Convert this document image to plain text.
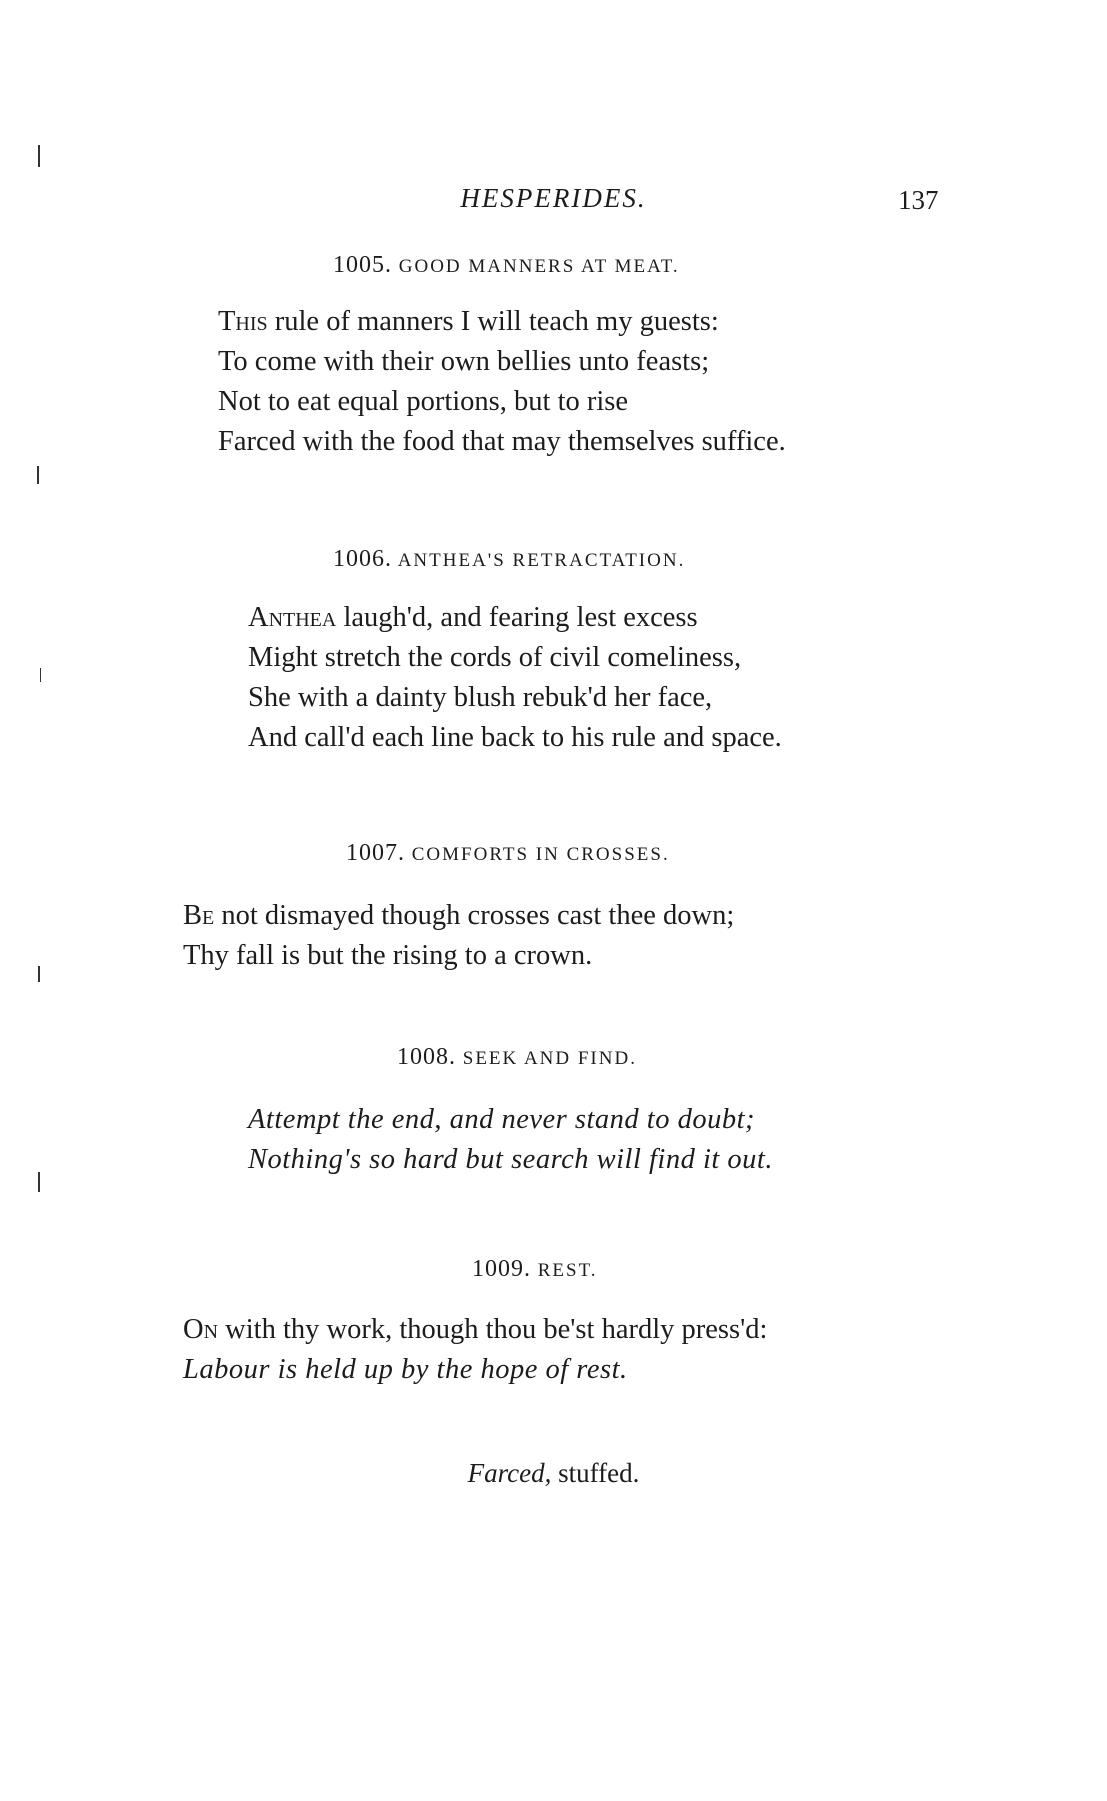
HESPERIDES.	137
1005. GOOD MANNERS AT MEAT.
This rule of manners I will teach my guests:
To come with their own bellies unto feasts;
Not to eat equal portions, but to rise
Farced with the food that may themselves suffice.
1006. ANTHEA'S RETRACTATION.
Anthea laugh'd, and fearing lest excess
Might stretch the cords of civil comeliness,
She with a dainty blush rebuk'd her face,
And call'd each line back to his rule and space.
1007. COMFORTS IN CROSSES.
Be not dismayed though crosses cast thee down;
Thy fall is but the rising to a crown.
1008. SEEK AND FIND.
Attempt the end, and never stand to doubt;
Nothing's so hard but search will find it out.
1009. REST.
On with thy work, though thou be'st hardly press'd:
Labour is held up by the hope of rest.
Farced, stuffed.
